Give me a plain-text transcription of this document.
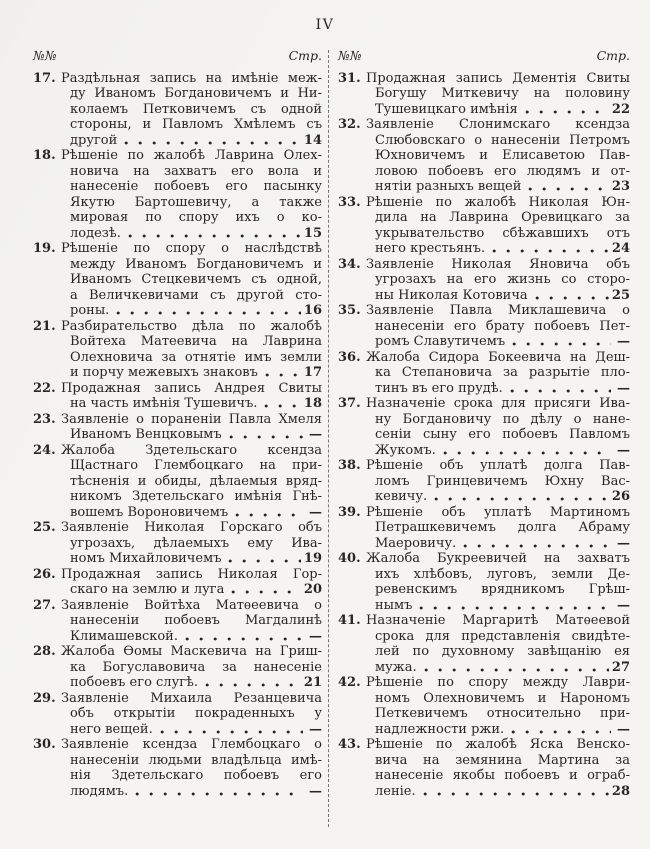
IV
№№	Стр.
17. Раздѣльная запись на имѣніе меж-
ду Иваномъ Богдановичемъ и Ни-
колаемъ Петковичемъ съ одной
стороны, и Павломъ Хмѣлемъ съ
другой	14
18. Рѣшеніе по жалобѣ Лаврина Олех-
новича на захватъ его вола и
нанесеніе побоевъ его пасынку
Якутю Бартошевичу, а также
мировая по спору ихъ о ко-
лодезѣ.	15
19. Рѣшеніе по спору о наслѣдствѣ
между Иваномъ Богдановичемъ и
Иваномъ Стецкевичемъ съ одной,
а Величкевичами съ другой сто-
роны.	16
21. Разбирательство дѣла по жалобѣ
Войтеха Матеевича на Лаврина
Олехновича за отнятіе имъ земли
и порчу межевыхъ знаковъ	17
22. Продажная запись Андрея Свиты
на часть имѣнія Тушевичъ.	18
23. Заявленіе о пораненіи Павла Хмеля
Иваномъ Венцковымъ	—
24. Жалоба Здетельскаго ксендза
Щастнаго Глембоцкаго на при-
тѣсненія и обиды, дѣлаемыя вряд-
никомъ Здетельскаго имѣнія Гнѣ-
вошемъ Вороновичемъ	—
25. Заявленіе Николая Горскаго объ
угрозахъ, дѣлаемыхъ ему Ива-
номъ Михайловичемъ	19
26. Продажная запись Николая Гор-
скаго на землю и луга	20
27. Заявленіе Войтѣха Матѳеевича о
нанесеніи побоевъ Магдалинѣ
Климашевской.	—
28. Жалоба Ѳомы Маскевича на Гриш-
ка Богуславовича за нанесеніе
побоевъ его слугѣ.	21
29. Заявленіе Михаила Резанцевича
объ открытіи покраденныхъ у
него вещей.	—
30. Заявленіе ксендза Глембоцкаго о
нанесеніи людьми владѣльца имѣ-
нія Здетельскаго побоевъ его
людямъ.	—
№№	Стр.
31. Продажная запись Дементія Свиты
Богушу Миткевичу на половину
Тушевицкаго имѣнія	22
32. Заявленіе Слонимскаго ксендза
Слюбовскаго о нанесеніи Петромъ
Юхновичемъ и Елисаветою Пав-
ловою побоевъ его людямъ и от-
нятіи разныхъ вещей	23
33. Рѣшеніе по жалобѣ Николая Юн-
дила на Лаврина Оревицкаго за
укрывательство сбѣжавшихъ отъ
него крестьянъ.	24
34. Заявленіе Николая Яновича объ
угрозахъ на его жизнь со сторо-
ны Николая Котовича	25
35. Заявленіе Павла Миклашевича о
нанесеніи его брату побоевъ Пет-
ромъ Славутичемъ	—
36. Жалоба Сидора Бокеевича на Деш-
ка Степановича за разрытіе пло-
тинъ въ его прудѣ.	—
37. Назначеніе срока для присяги Ива-
ну Богдановичу по дѣлу о нане-
сеніи сыну его побоевъ Павломъ
Жукомъ.	—
38. Рѣшеніе объ уплатѣ долга Пав-
ломъ Гринцевичемъ Юхну Вас-
кевичу.	26
39. Рѣшеніе объ уплатѣ Мартиномъ
Петрашкевичемъ долга Абраму
Маеровичу.	—
40. Жалоба Букреевичей на захватъ
ихъ хлѣбовъ, луговъ, земли Де-
ревенскимъ врядникомъ Грѣш-
нымъ	—
41. Назначеніе Маргаритѣ Матѳеевой
срока для представленія свидѣте-
лей по духовному завѣщанію ея
мужа.	27
42. Рѣшеніе по спору между Лаври-
номъ Олехновичемъ и Нарономъ
Петкевичемъ относительно при-
надлежности ржи.	—
43. Рѣшеніе по жалобѣ Яска Венско-
вича на земянина Мартина за
нанесеніе якобы побоевъ и ограб-
леніе.	28
